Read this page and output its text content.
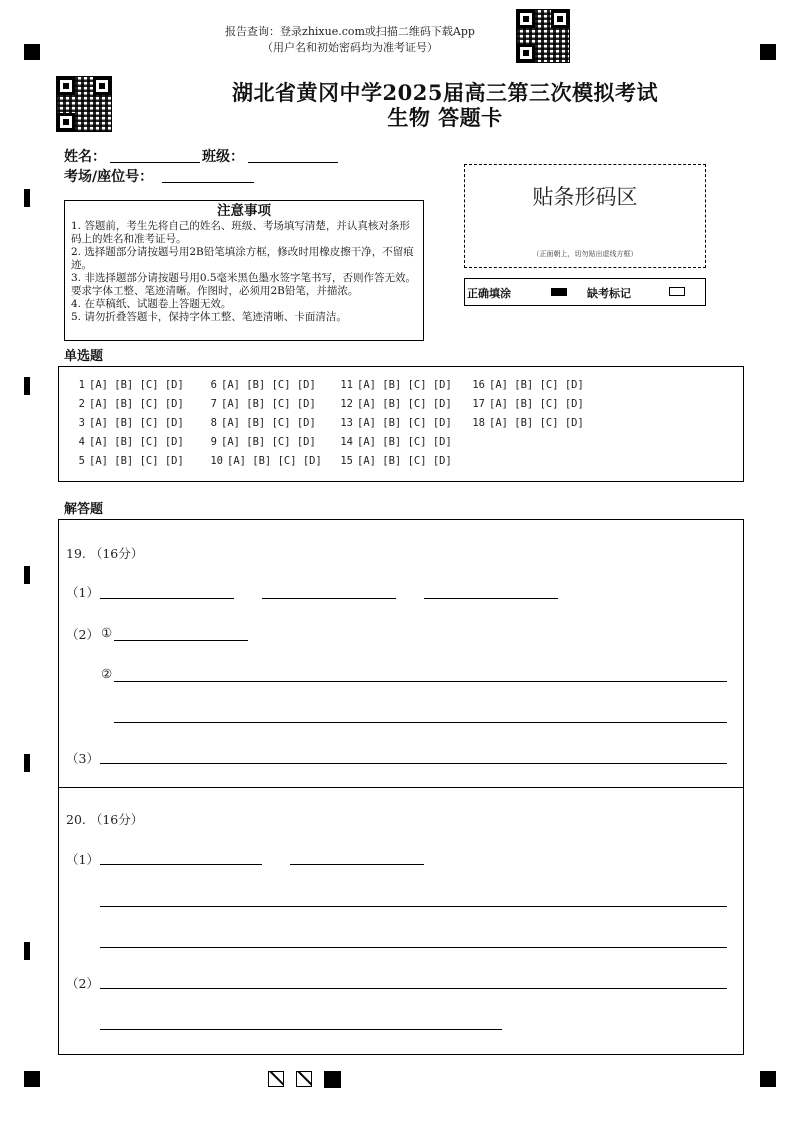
报告查询：登录zhixue.com或扫描二维码下载App
（用户名和初始密码均为准考证号）
湖北省黄冈中学2025届高三第三次模拟考试
生物 答题卡
姓名：	班级：
考场/座位号：
注意事项
1. 答题前，考生先将自己的姓名、班级、考场填写清楚，并认真核对条形码上的姓名和准考证号。
2. 选择题部分请按题号用2B铅笔填涂方框，修改时用橡皮擦干净，不留痕迹。
3. 非选择题部分请按题号用0.5毫米黑色墨水签字笔书写，否则作答无效。要求字体工整、笔迹清晰。作图时，必须用2B铅笔，并描浓。
4. 在草稿纸、试题卷上答题无效。
5. 请勿折叠答题卡，保持字体工整、笔迹清晰、卡面清洁。
贴条形码区
（正面朝上，切勿贴出虚线方框）
正确填涂	缺考标记
单选题
1 [A] [B] [C] [D]
2 [A] [B] [C] [D]
3 [A] [B] [C] [D]
4 [A] [B] [C] [D]
5 [A] [B] [C] [D]
6 [A] [B] [C] [D]
7 [A] [B] [C] [D]
8 [A] [B] [C] [D]
9 [A] [B] [C] [D]
10 [A] [B] [C] [D]
11 [A] [B] [C] [D]
12 [A] [B] [C] [D]
13 [A] [B] [C] [D]
14 [A] [B] [C] [D]
15 [A] [B] [C] [D]
16 [A] [B] [C] [D]
17 [A] [B] [C] [D]
18 [A] [B] [C] [D]
解答题
19. （16分）
（1）
（2） ①
②
（3）
20. （16分）
（1）
（2）
